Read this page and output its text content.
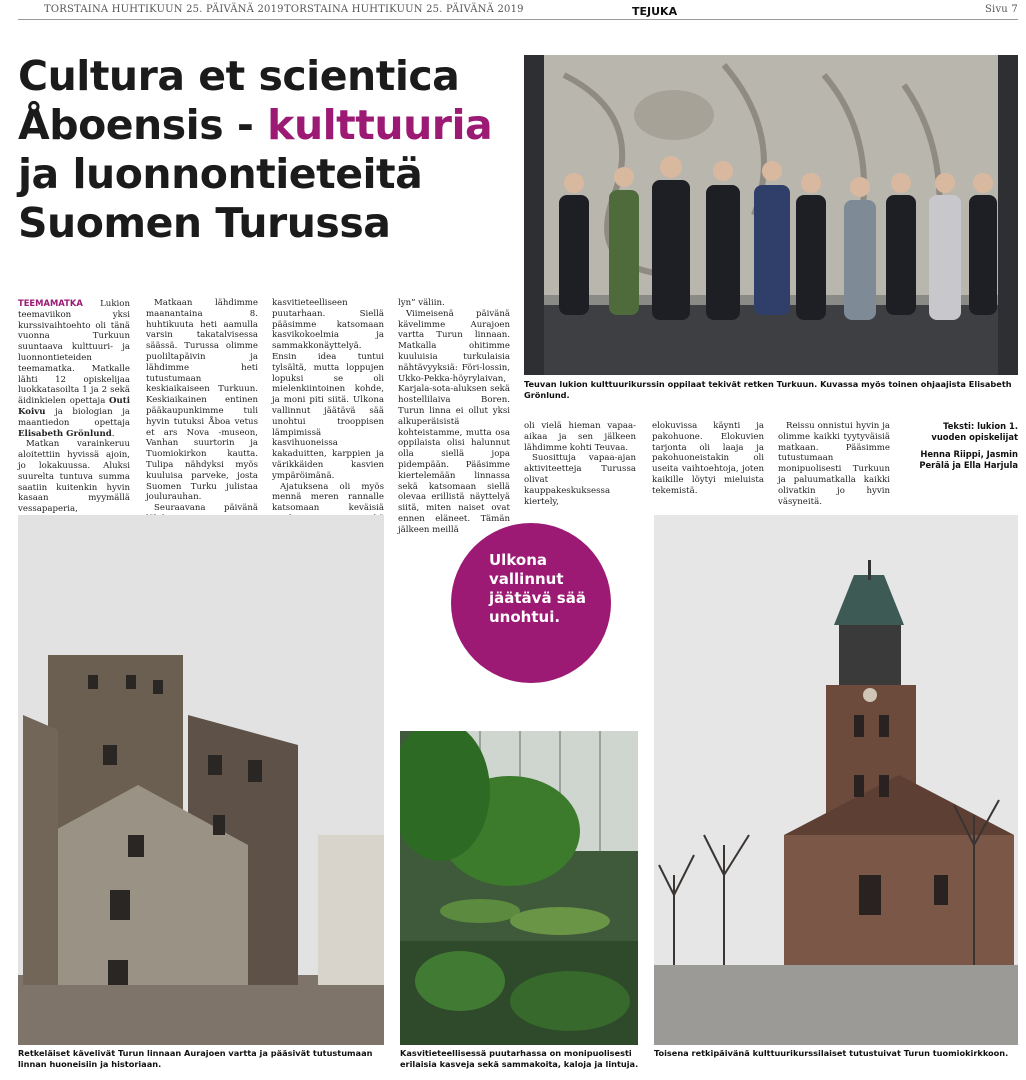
TORSTAINA HUHTIKUUN 25. PÄIVÄNÄ 2019 TORSTAINA HUHTIKUUN 25. PÄIVÄNÄ 2019	TEJUKA	Sivu 7
Cultura et scientica
Åboensis - kulttuuria
ja luonnontieteitä
Suomen Turussa
Teuvan lukion kulttuurikurssin oppilaat tekivät retken Turkuun. Kuvassa myös toinen ohjaajista Elisabeth Grönlund.

TEEMAMATKA Lukion teemaviikon yksi kurssivaihtoehto oli tänä vuonna Turkuun suuntaava kulttuuri- ja luonnontieteiden teemamatka. Matkalle lähti 12 opiskelijaa luokkatasoilta 1 ja 2 sekä äidinkielen opettaja Outi Koivu ja biologian ja maantiedon opettaja Elisabeth Grönlund.

Matkan varainkeruu aloitettiin hyvissä ajoin, jo lokakuussa. Aluksi suurelta tuntuva summa saatiin kuitenkin hyvin kasaan myymällä vessapaperia,

Matkaan lähdimme maanantaina 8. huhtikuuta heti aamulla varsin takatalvisessa säässä. Turussa olimme puoliltapäivin ja lähdimme heti tutustumaan keskiaikaiseen Turkuun. Keskiaikainen entinen pääkaupunkimme tuli hyvin tutuksi Åboa vetus et ars Nova -museon, Vanhan suurtorin ja Tuomiokirkon kautta. Tulipa nähdyksi myös kuuluisa parveke, josta Suomen Turku julistaa joulurauhan.

Seuraavana päivänä

kasvitieteelliseen puutarhaan. Siellä pääsimme katsomaan kasvikokoelmia ja sammakkonäyttelyä. Ensin idea tuntui tylsältä, mutta loppujen lopuksi se oli mielenkiintoinen kohde, ja moni piti siitä. Ulkona vallinnut jäätävä sää unohtui trooppisen lämpimissä kasvihuoneissa kakaduitten, karppien ja värikkäiden kasvien ympäröimänä.

Ajatuksena oli myös mennä meren rannalle katsomaan keväisiä

lyn” väliin.

Viimeisenä päivänä kävelimme Aurajoen vartta Turun linnaan. Matkalla ohitimme kuuluisia turkulaisia nähtävyyksiä: Föri-lossin, Ukko-Pekka-höyrylaivan, Karjala-sota-aluksen sekä hostellilaiva Boren. Turun linna ei ollut yksi alkuperäisistä kohteistamme, mutta osa oppilaista olisi halunnut olla siellä jopa pidempään. Pääsimme kiertelemään linnassa sekä katsomaan siellä olevaa erillistä näyttelyä siitä, miten naiset ovat ennen eläneet. Tämän jälkeen meillä

oli vielä hieman vapaa-aikaa ja sen jälkeen lähdimme kohti Teuvaa.

Suosittuja vapaa-ajan aktiviteetteja Turussa olivat kauppakeskuksessa kiertely,

elokuvissa käynti ja pakohuone. Elokuvien tarjonta oli laaja ja pakohuoneistakin oli useita vaihtoehtoja, joten kaikille löytyi mieluista tekemistä.

Reissu onnistui hyvin ja olimme kaikki tyytyväisiä matkaan. Pääsimme tutustumaan monipuolisesti Turkuun ja paluumatkalla kaikki olivatkin jo hyvin väsyneitä.

Teksti: lukion 1. vuoden opiskelijat
Henna Riippi, Jasmin Perälä ja Ella Harjula
Retkeläiset kävelivät Turun linnaan Aurajoen vartta ja pääsivät tutustumaan linnan huoneisiin ja historiaan.
Ulkona vallinnut jäätävä sää unohtui.
Kasvitieteellisessä puutarhassa on monipuolisesti erilaisia kasveja sekä sammakoita, kaloja ja lintuja.
Toisena retkipäivänä kulttuurikurssilaiset tutustuivat Turun tuomiokirkkoon.
